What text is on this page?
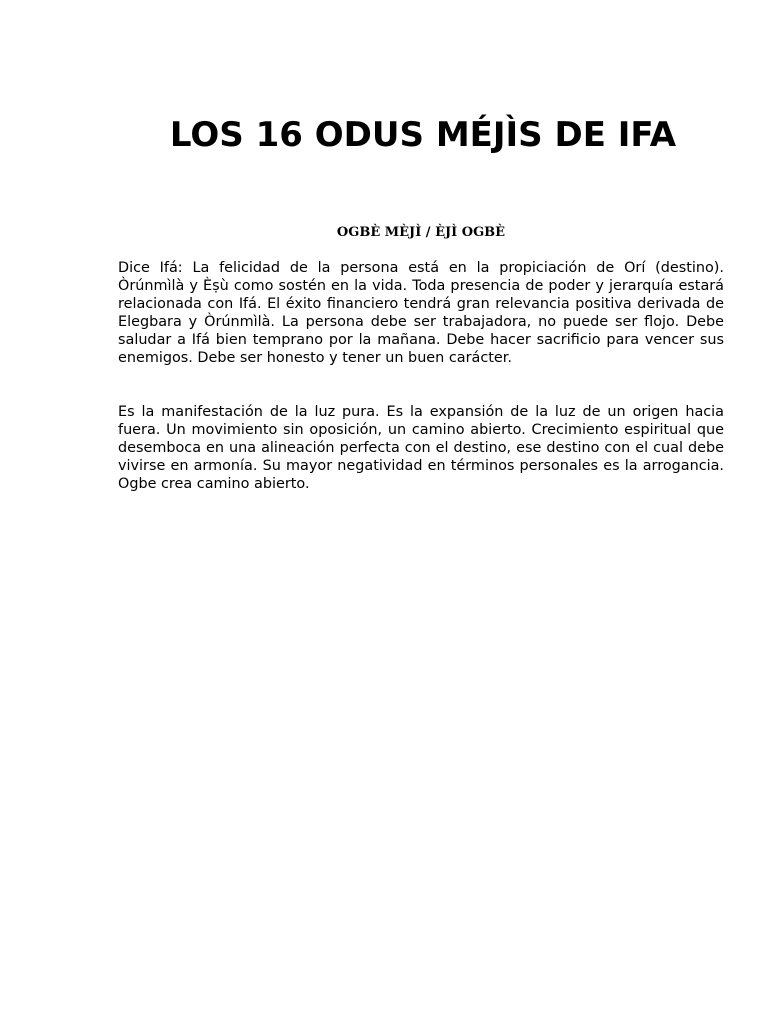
LOS 16 ODUS MÉJÌS DE IFA
OGBÈ MÈJÌ / ÈJÌ OGBÈ

Dice Ifá: La felicidad de la persona está en la propiciación de Orí (destino). Òrúnmìlà y Èṣù como sostén en la vida. Toda presencia de poder y jerarquía estará relacionada con Ifá. El éxito financiero tendrá gran relevancia positiva derivada de Elegbara y Òrúnmìlà. La persona debe ser trabajadora, no puede ser flojo. Debe saludar a Ifá bien temprano por la mañana. Debe hacer sacrificio para vencer sus enemigos. Debe ser honesto y tener un buen carácter.

Es la manifestación de la luz pura. Es la expansión de la luz de un origen hacia fuera. Un movimiento sin oposición, un camino abierto. Crecimiento espiritual que desemboca en una alineación perfecta con el destino, ese destino con el cual debe vivirse en armonía. Su mayor negatividad en términos personales es la arrogancia. Ogbe crea camino abierto.
